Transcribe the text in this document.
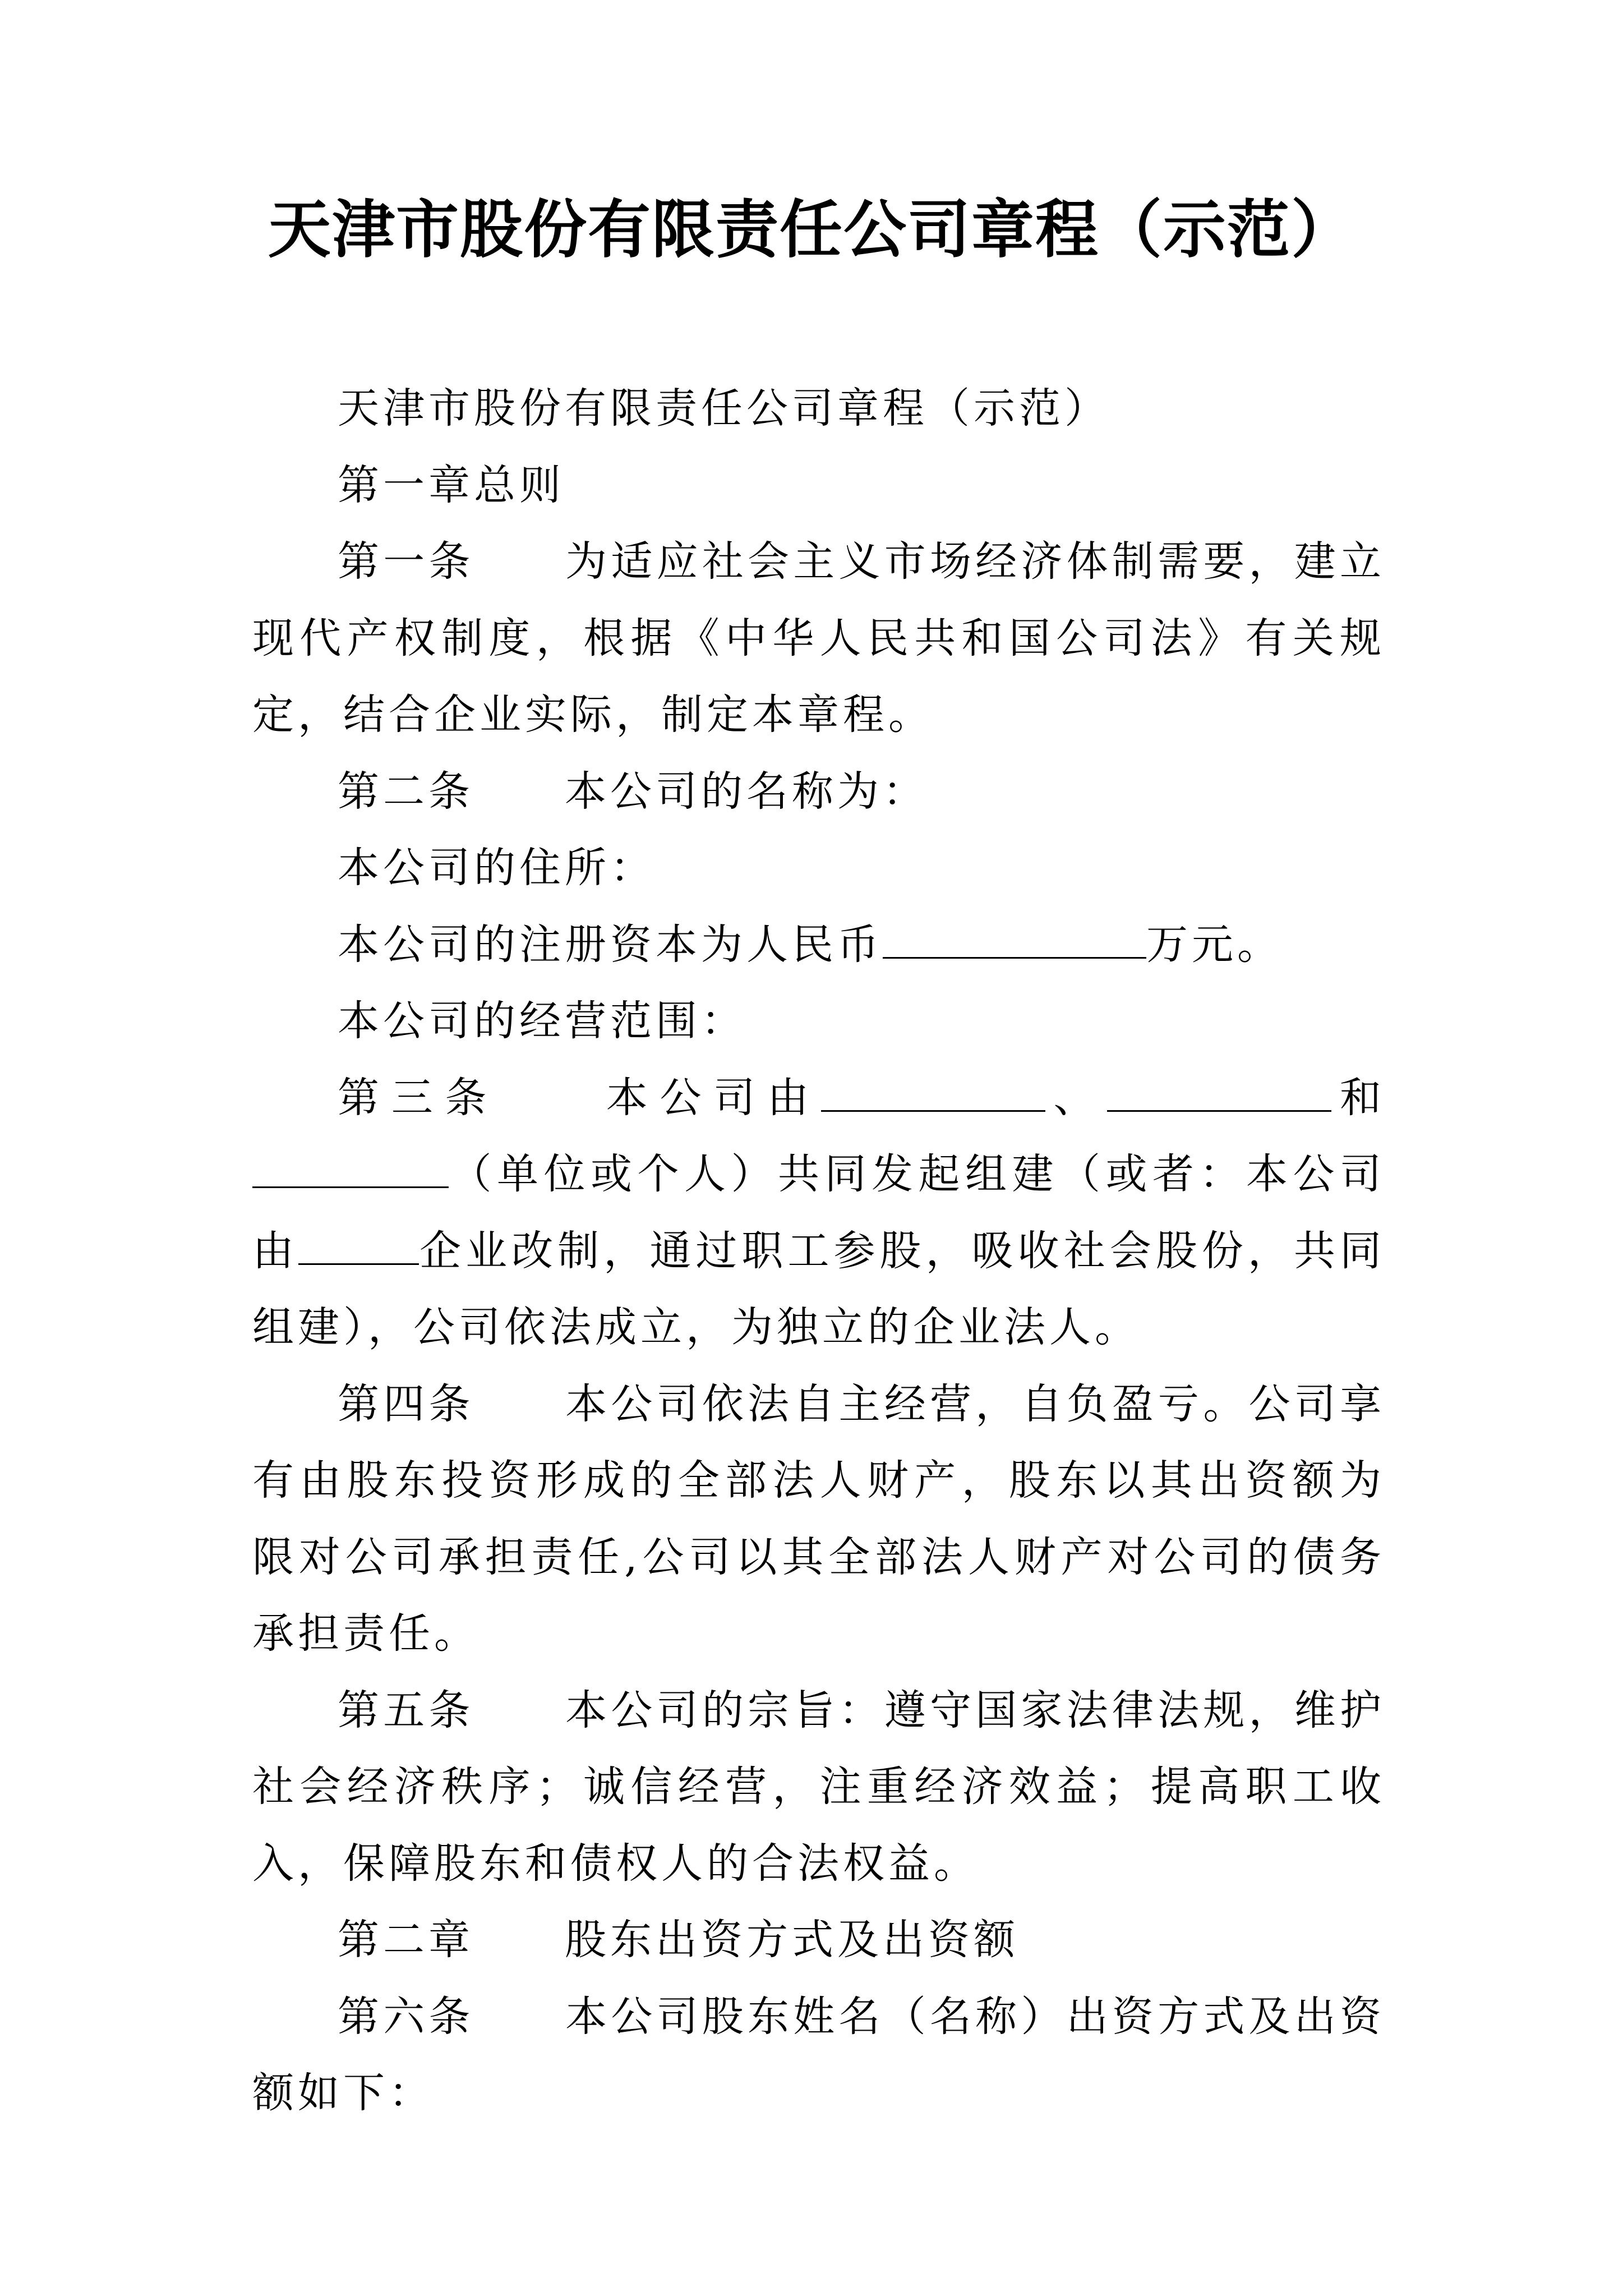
天津市股份有限责任公司章程（示范）

天津市股份有限责任公司章程（示范）

第一章总则

第一条　　为适应社会主义市场经济体制需要，建立现代产权制度，根据《中华人民共和国公司法》有关规定，结合企业实际，制定本章程。

第二条　　本公司的名称为：

本公司的住所：

本公司的注册资本为人民币	万元。

本公司的经营范围：

第三条　　本公司由	、	和（单位或个人）共同发起组建（或者：本公司由	企业改制，通过职工参股，吸收社会股份，共同组建），公司依法成立，为独立的企业法人。

第四条　　本公司依法自主经营，自负盈亏。公司享有由股东投资形成的全部法人财产，股东以其出资额为限对公司承担责任,公司以其全部法人财产对公司的债务承担责任。

第五条　　本公司的宗旨：遵守国家法律法规，维护社会经济秩序；诚信经营，注重经济效益；提高职工收入，保障股东和债权人的合法权益。

第二章　　股东出资方式及出资额

第六条　　本公司股东姓名（名称）出资方式及出资额如下：
